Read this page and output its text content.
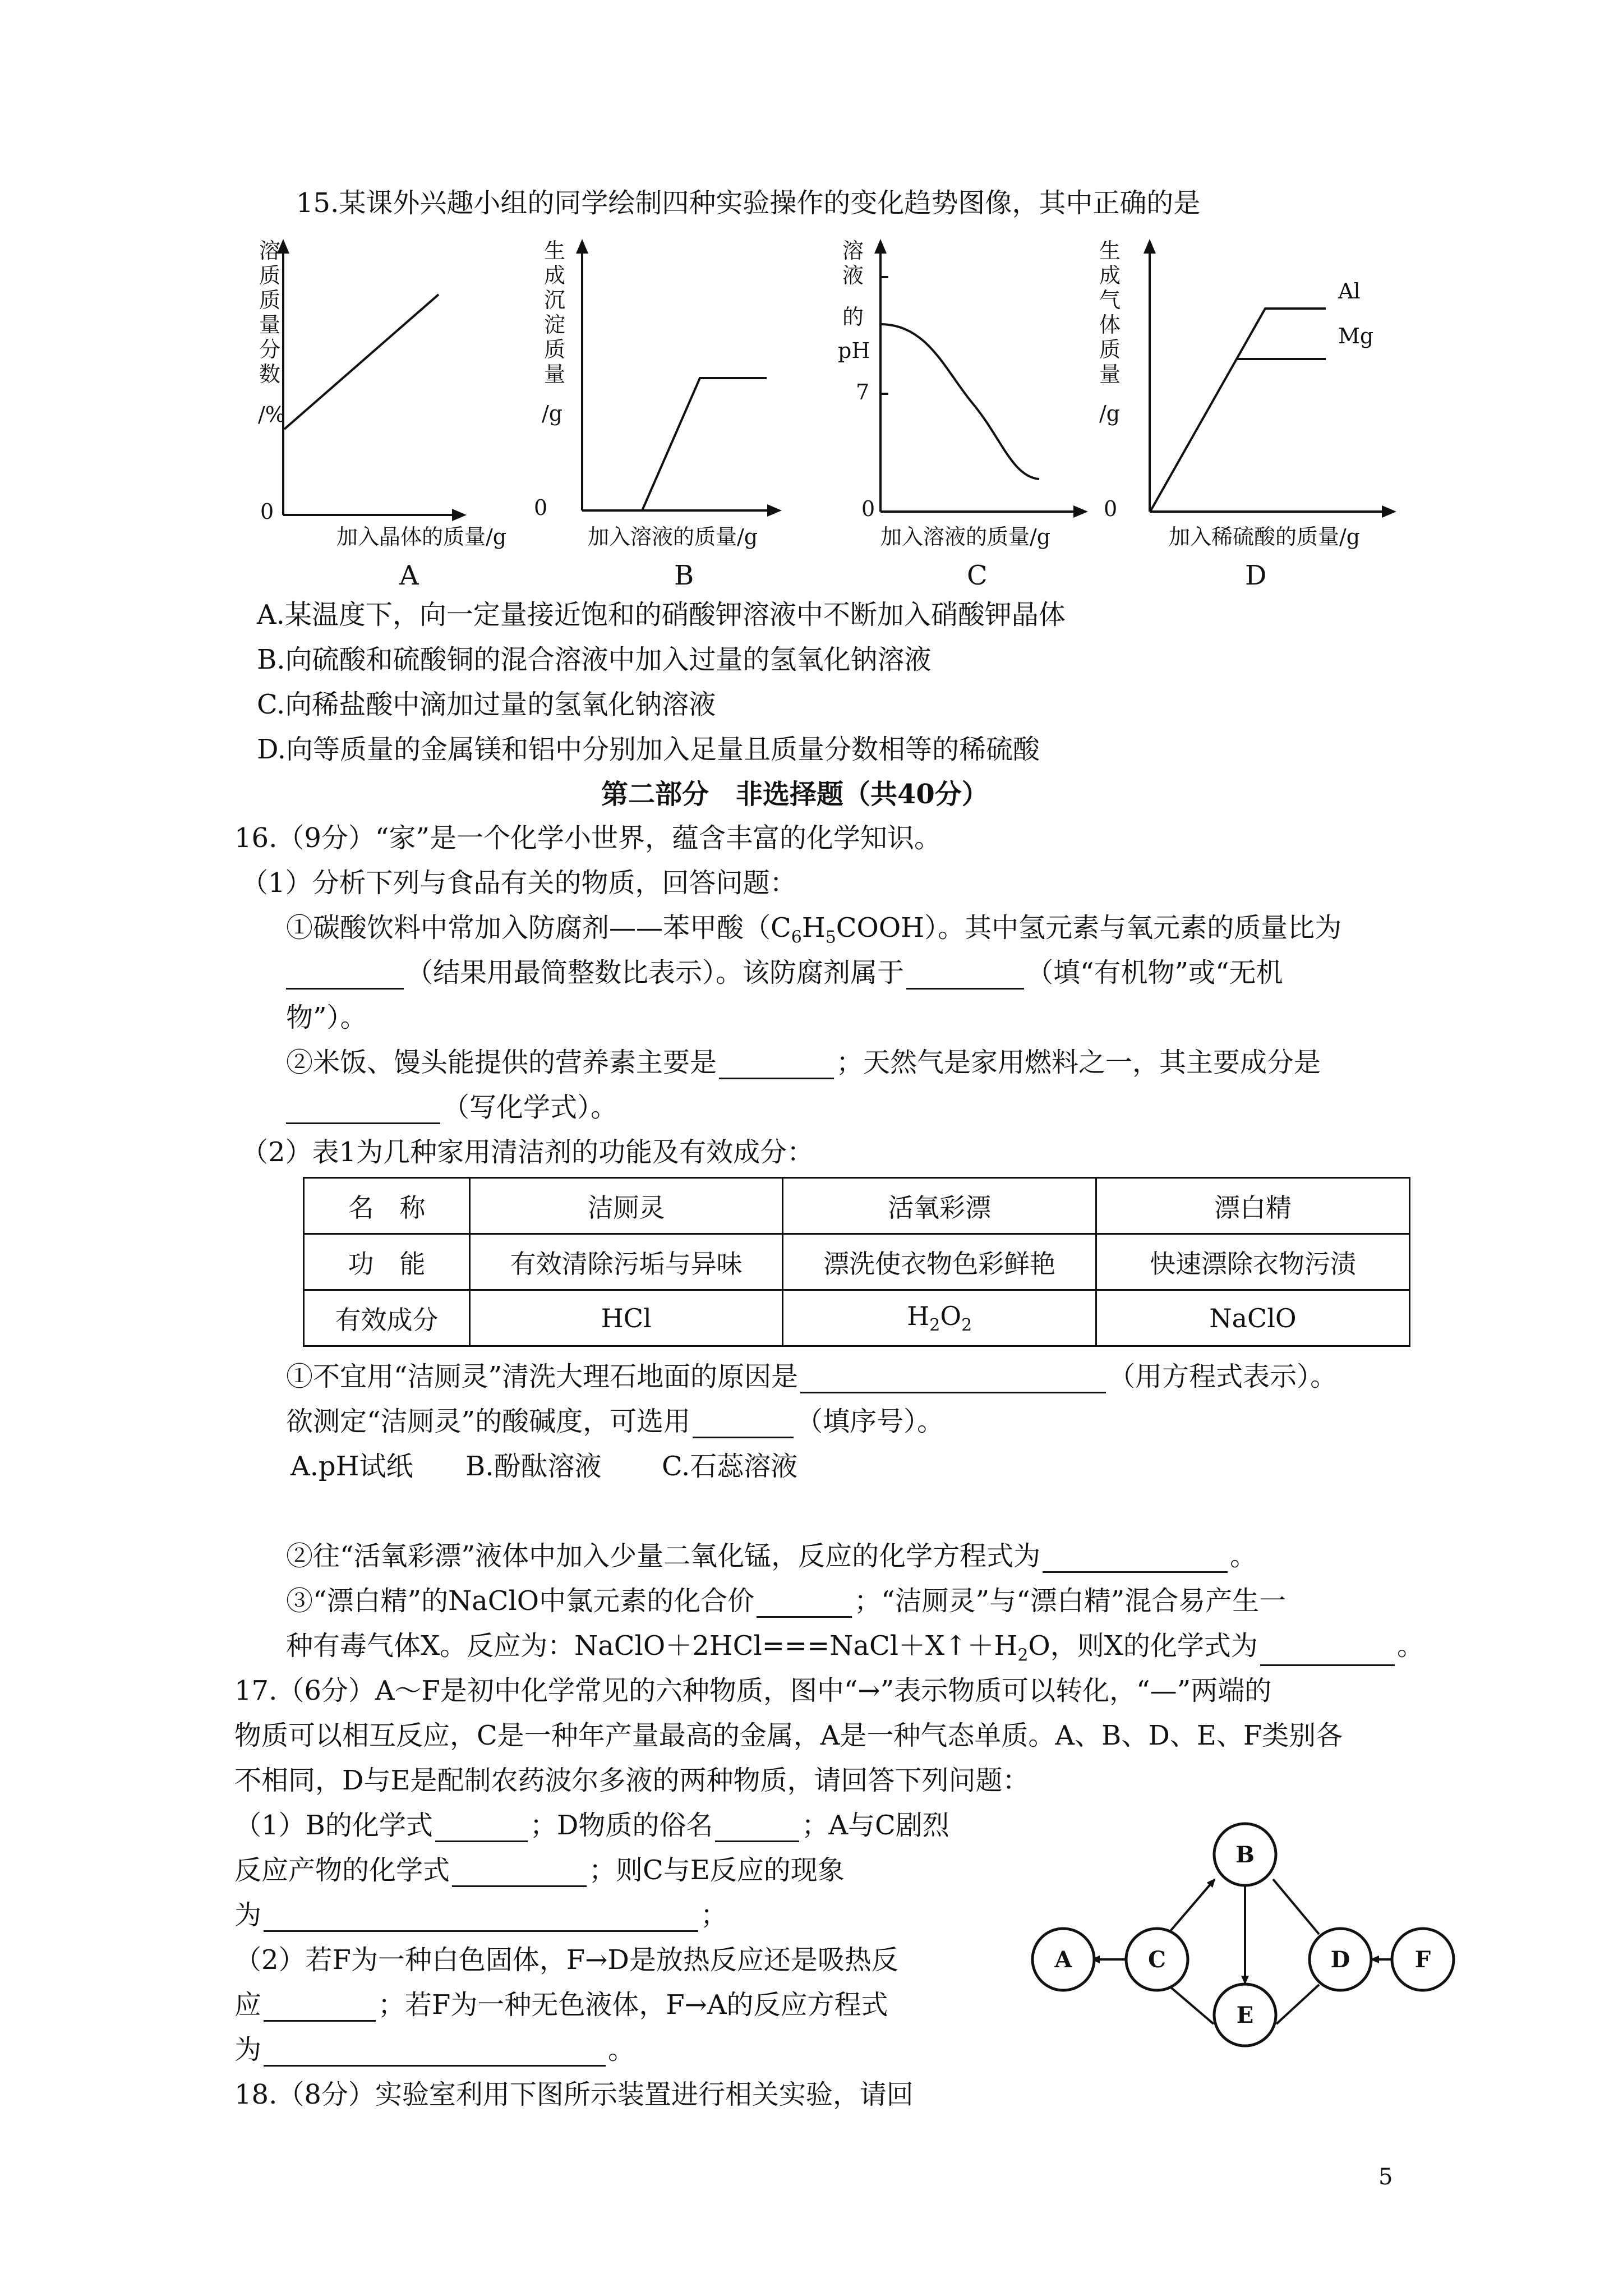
15.某课外兴趣小组的同学绘制四种实验操作的变化趋势图像，其中正确的是
溶
质
质
量
分
数
/%
0
加入晶体的质量/g
生
成
沉
淀
质
量
/g
0
加入溶液的质量/g
溶
液
的
pH
7
0
加入溶液的质量/g
生
成
气
体
质
量
/g
0
Al
Mg
加入稀硫酸的质量/g
A	B	C	D
A.某温度下，向一定量接近饱和的硝酸钾溶液中不断加入硝酸钾晶体
B.向硫酸和硫酸铜的混合溶液中加入过量的氢氧化钠溶液
C.向稀盐酸中滴加过量的氢氧化钠溶液
D.向等质量的金属镁和铝中分别加入足量且质量分数相等的稀硫酸
第二部分　非选择题（共40分）
16.（9分）“家”是一个化学小世界，蕴含丰富的化学知识。
（1）分析下列与食品有关的物质，回答问题：
①碳酸饮料中常加入防腐剂——苯甲酸$(C_6H_5COOH)$。其中氢元素与氧元素的质量比为
（结果用最简整数比表示）。该防腐剂属于	（填“有机物”或“无机
物”）。
②米饭、馒头能提供的营养素主要是	；天然气是家用燃料之一，其主要成分是
（写化学式）。
（2）表1为几种家用清洁剂的功能及有效成分：
名　称	洁厕灵	活氧彩漂	漂白精
功　能	有效清除污垢与异味	漂洗使衣物色彩鲜艳	快速漂除衣物污渍
有效成分	HCl	$H_2O_2$	NaClO
①不宜用“洁厕灵”清洗大理石地面的原因是	（用方程式表示）。
欲测定“洁厕灵”的酸碱度，可选用	（填序号）。
A.pH试纸 B.酚酞溶液 C.石蕊溶液
②往“活氧彩漂”液体中加入少量二氧化锰，反应的化学方程式为	。
③“漂白精”的NaClO中氯元素的化合价	；“洁厕灵”与“漂白精”混合易产生一
种有毒气体X。反应为：$NaClO+2HCl===NaCl+X↑+H_2O$，则X的化学式为	。
17.（6分）A～F是初中化学常见的六种物质，图中“→”表示物质可以转化，“—”两端的
物质可以相互反应，C是一种年产量最高的金属，A是一种气态单质。A、B、D、E、F类别各
不相同，D与E是配制农药波尔多液的两种物质，请回答下列问题：
（1）B的化学式	；D物质的俗名	；A与C剧烈
反应产物的化学式	；则C与E反应的现象
为	；
（2）若F为一种白色固体，F→D是放热反应还是吸热反
应	；若F为一种无色液体，F→A的反应方程式
为	。
A
B
C	D
E
F
18.（8分）实验室利用下图所示装置进行相关实验，请回
5
